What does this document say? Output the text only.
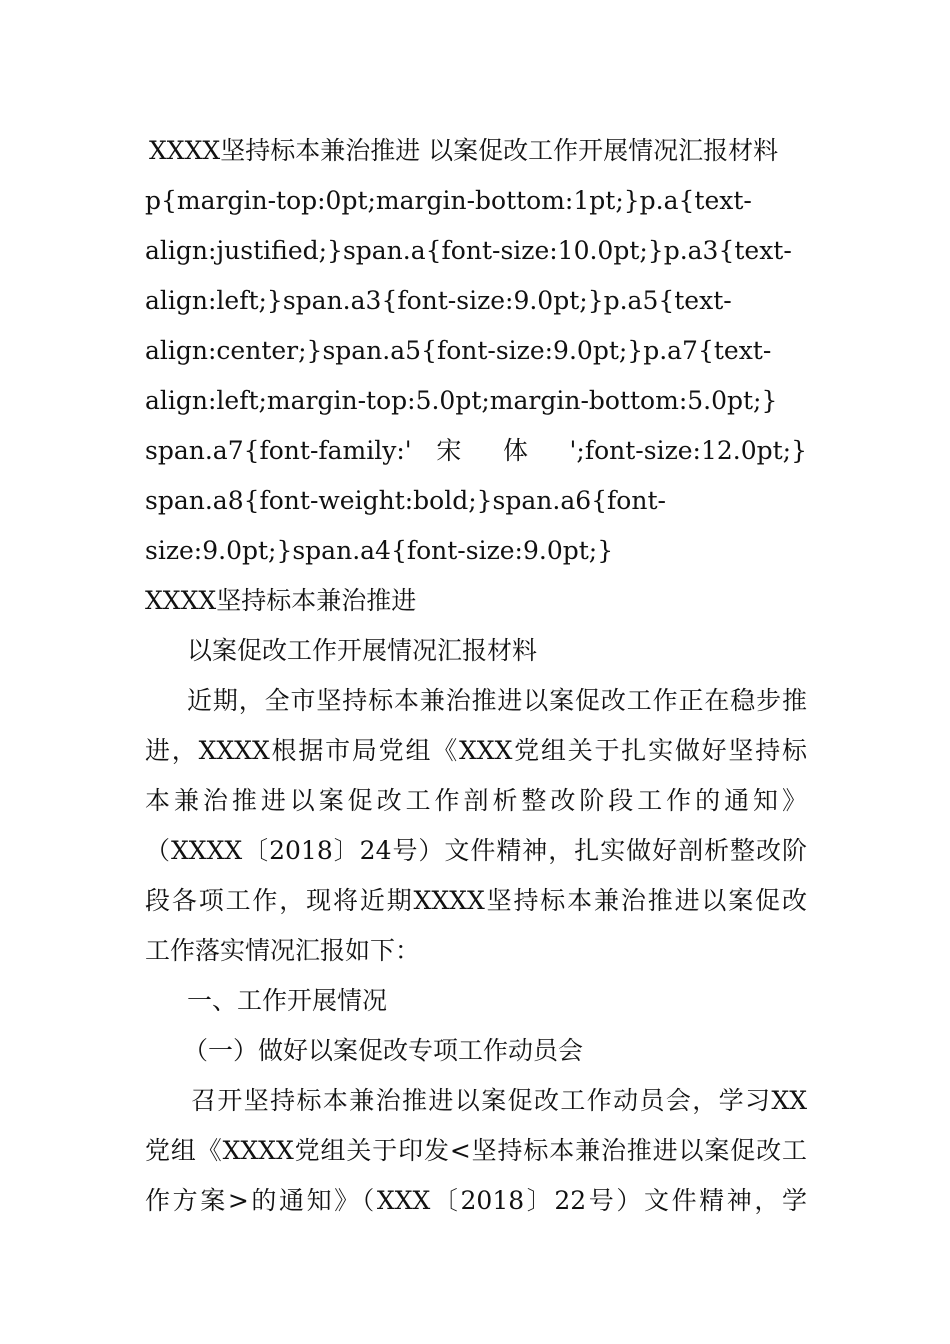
XXXX坚持标本兼治推进 以案促改工作开展情况汇报材料
p{margin-top:0pt;margin-bottom:1pt;}p.a{text-
align:justified;}span.a{font-size:10.0pt;}p.a3{text-
align:left;}span.a3{font-size:9.0pt;}p.a5{text-
align:center;}span.a5{font-size:9.0pt;}p.a7{text-
align:left;margin-top:5.0pt;margin-bottom:5.0pt;}
span.a7{font-family:' 宋 体 ';font-size:12.0pt;}
span.a8{font-weight:bold;}span.a6{font-
size:9.0pt;}span.a4{font-size:9.0pt;}
XXXX坚持标本兼治推进
以案促改工作开展情况汇报材料
近期，全市坚持标本兼治推进以案促改工作正在稳步推
进，XXXX根据市局党组《XXX党组关于扎实做好坚持标
本兼治推进以案促改工作剖析整改阶段工作的通知》
（XXXX〔2018〕24号）文件精神，扎实做好剖析整改阶
段各项工作，现将近期XXXX坚持标本兼治推进以案促改
工作落实情况汇报如下：
一、工作开展情况
（一）做好以案促改专项工作动员会
召开坚持标本兼治推进以案促改工作动员会，学习XX
党组《XXXX党组关于印发<坚持标本兼治推进以案促改工
作方案>的通知》（XXX〔2018〕22号）文件精神，学
